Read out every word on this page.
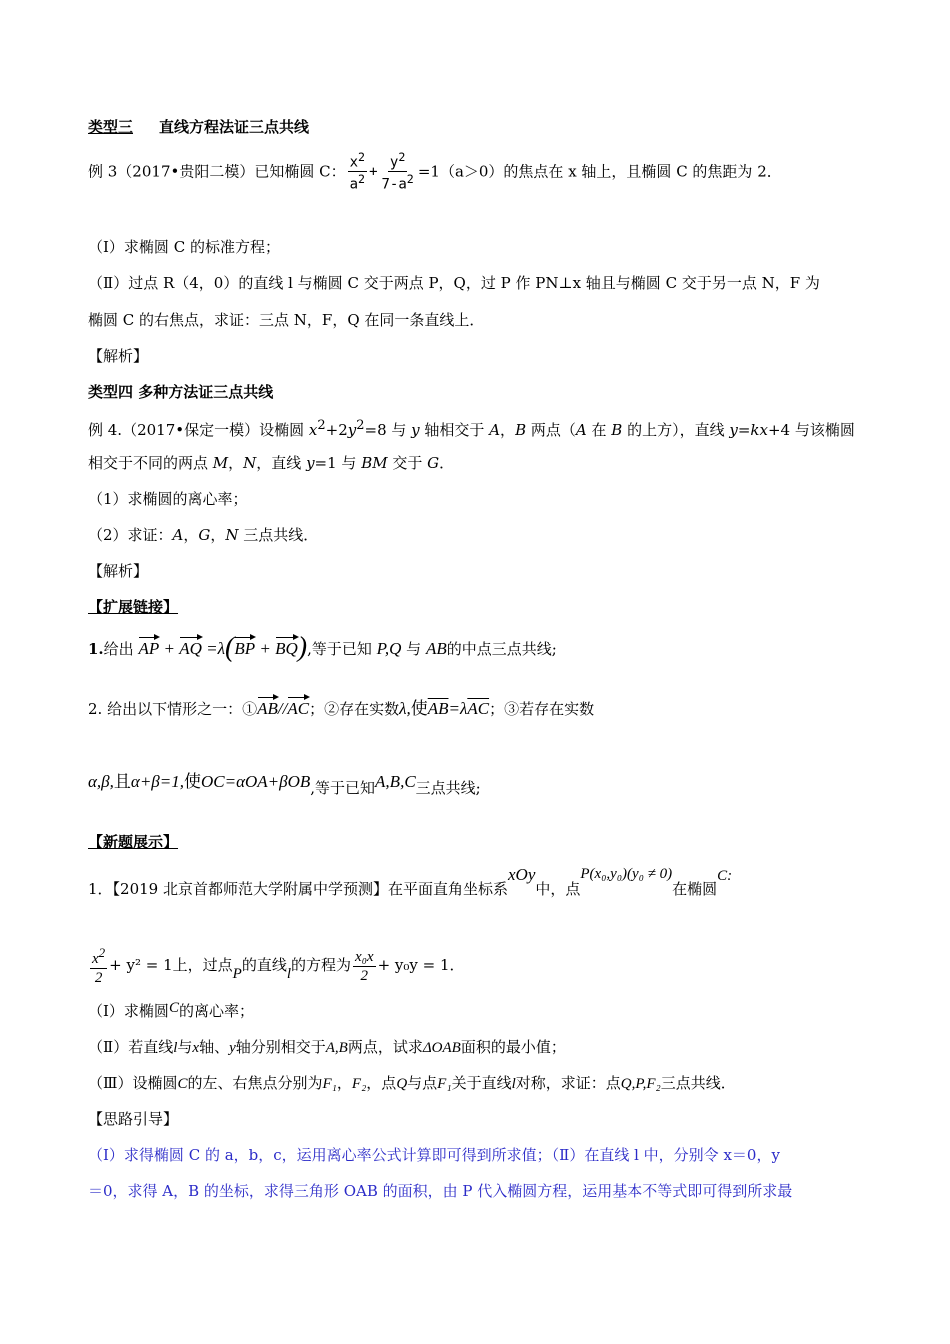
类型三 直线方程法证三点共线
例 3（2017•贵阳二模）已知椭圆 C： $\frac{x^2}{a^2} + \frac{y^2}{7-a^2} =1(a>0)$的焦点在 x 轴上，且椭圆 C 的焦距为 2．
（Ⅰ）求椭圆 C 的标准方程；
（Ⅱ）过点 R（4，0）的直线 l 与椭圆 C 交于两点 P，Q，过 P 作 PN⊥x 轴且与椭圆 C 交于另一点 N，F 为
椭圆 C 的右焦点，求证：三点 N，F，Q 在同一条直线上．
【解析】
类型四 多种方法证三点共线
例 4.（2017•保定一模）设椭圆 $x^2+2y^2=8$ 与 y 轴相交于 A，B 两点（A 在 B 的上方），直线 y=kx+4 与该椭圆
相交于不同的两点 M，N，直线 y=1 与 BM 交于 G．
（1）求椭圆的离心率；
（2）求证：A，G，N 三点共线．
【解析】
【扩展链接】
1.给出 AP + AQ =λ(BP + BQ),等于已知 P,Q 与 AB的中点三点共线;
2. 给出以下情形之一：①AB//AC；②存在实数λ,使$\overline{AB}=\lambda\overline{AC}$；③若存在实数
α,β,且α+β=1,使OC=αOA+βOB,等于已知A,B,C三点共线;
【新题展示】
1．【2019 北京首都师范大学附属中学预测】在平面直角坐标系xOy中，点P(x₀,y₀)(y₀ ≠ 0)在椭圆C:
$\frac{x^2}{2} + y^2 = 1$上，过点P的直线l的方程为 $\frac{\text{x₀x}}{2} + y_0y = 1$．
（Ⅰ）求椭圆C的离心率；
（Ⅱ）若直线l与x轴、y轴分别相交于A,B两点，试求ΔOAB面积的最小值；
（Ⅲ）设椭圆C的左、右焦点分别为F₁，F₂，点Q与点F₁关于直线l对称，求证：点Q,P,F₂三点共线．
【思路引导】
（Ⅰ）求得椭圆 C 的 a，b，c，运用离心率公式计算即可得到所求值；（Ⅱ）在直线 l 中，分别令 x＝0，y
＝0，求得 A，B 的坐标，求得三角形 OAB 的面积，由 P 代入椭圆方程，运用基本不等式即可得到所求最
